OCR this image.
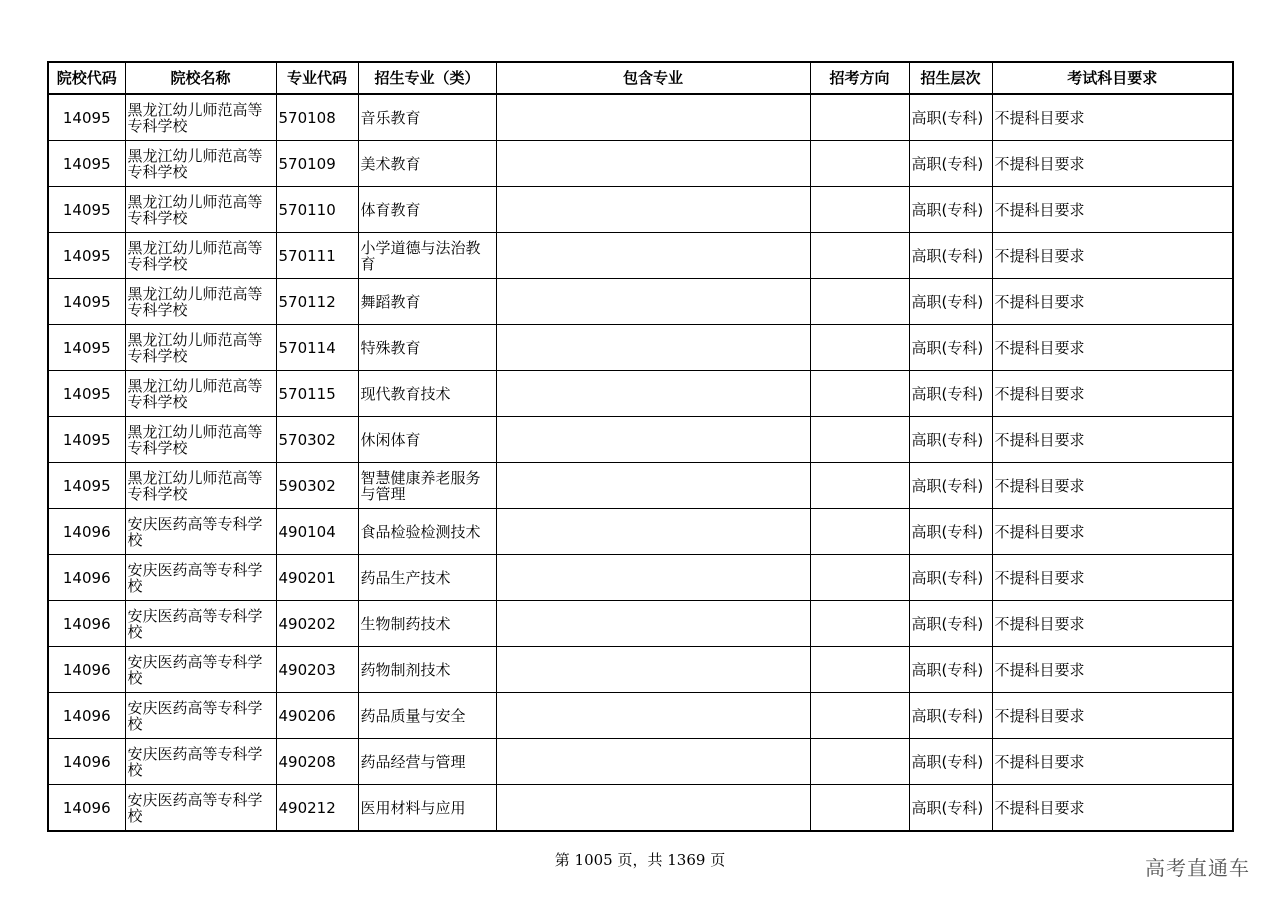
院校代码	院校名称	专业代码	招生专业（类）	包含专业	招考方向	招生层次	考试科目要求
14095	黑龙江幼儿师范高等专科学校	570108	音乐教育			高职(专科)	不提科目要求
14095	黑龙江幼儿师范高等专科学校	570109	美术教育			高职(专科)	不提科目要求
14095	黑龙江幼儿师范高等专科学校	570110	体育教育			高职(专科)	不提科目要求
14095	黑龙江幼儿师范高等专科学校	570111	小学道德与法治教育			高职(专科)	不提科目要求
14095	黑龙江幼儿师范高等专科学校	570112	舞蹈教育			高职(专科)	不提科目要求
14095	黑龙江幼儿师范高等专科学校	570114	特殊教育			高职(专科)	不提科目要求
14095	黑龙江幼儿师范高等专科学校	570115	现代教育技术			高职(专科)	不提科目要求
14095	黑龙江幼儿师范高等专科学校	570302	休闲体育			高职(专科)	不提科目要求
14095	黑龙江幼儿师范高等专科学校	590302	智慧健康养老服务与管理			高职(专科)	不提科目要求
14096	安庆医药高等专科学校	490104	食品检验检测技术			高职(专科)	不提科目要求
14096	安庆医药高等专科学校	490201	药品生产技术			高职(专科)	不提科目要求
14096	安庆医药高等专科学校	490202	生物制药技术			高职(专科)	不提科目要求
14096	安庆医药高等专科学校	490203	药物制剂技术			高职(专科)	不提科目要求
14096	安庆医药高等专科学校	490206	药品质量与安全			高职(专科)	不提科目要求
14096	安庆医药高等专科学校	490208	药品经营与管理			高职(专科)	不提科目要求
14096	安庆医药高等专科学校	490212	医用材料与应用			高职(专科)	不提科目要求
第 1005 页，共 1369 页	高考直通车
